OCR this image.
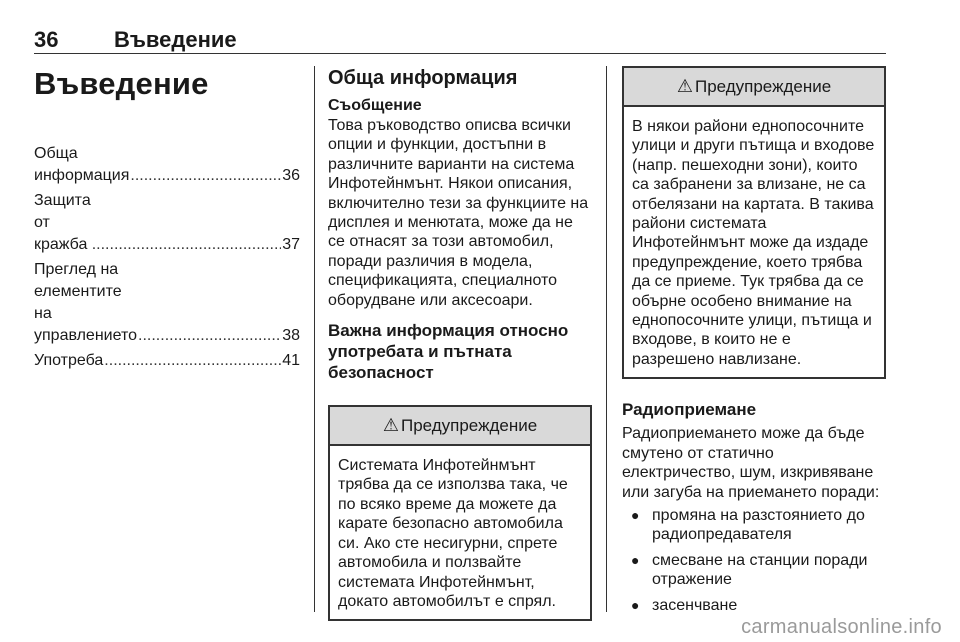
36	Въведение
Въведение
Обща информация .....	36
Защита от кражба .....	37
Преглед на елементите на
управлението .....	38
Употреба .....	41
Обща информация
Съобщение

Това ръководство описва всички опции и функции, достъпни в различните варианти на система Инфотейнмънт. Някои описания, включително тези за функциите на дисплея и менютата, може да не се отнасят за този автомобил, поради различия в модела, спецификацията, специалното оборудване или аксесоари.

Важна информация относно употребата и пътната безопасност
⚠ Предупреждение
Системата Инфотейнмънт трябва да се използва така, че по всяко време да можете да карате безопасно автомобила си. Ако сте несигурни, спрете автомобила и ползвайте системата Инфотейнмънт, докато автомобилът е спрял.
⚠ Предупреждение
В някои райони еднопосочните улици и други пътища и входове (напр. пешеходни зони), които са забранени за влизане, не са отбелязани на картата. В такива райони системата Инфотейнмънт може да издаде предупреждение, което трябва да се приеме. Тук трябва да се обърне особено внимание на еднопосочните улици, пътища и входове, в които не е разрешено навлизане.
Радиоприемане

Радиоприемането може да бъде смутено от статично електричество, шум, изкривяване или загуба на приемането поради:

● промяна на разстоянието до радиопредавателя
● смесване на станции поради отражение
● засенчване
carmanualsonline.info
